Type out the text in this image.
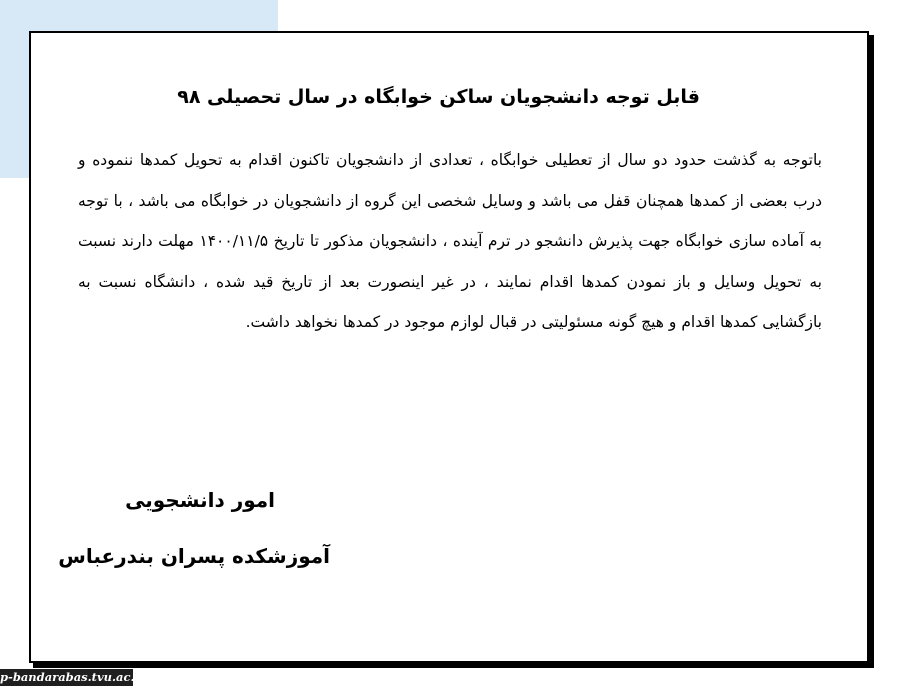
قابل توجه دانشجویان ساکن خوابگاه در سال تحصیلی ۹۸

باتوجه به گذشت حدود دو سال از تعطیلی خوابگاه ، تعدادی از دانشجویان تاکنون اقدام به تحویل کمدها ننموده و درب بعضی از کمدها همچنان قفل می باشد و وسایل شخصی این گروه از دانشجویان در خوابگاه می باشد ، با توجه به آماده سازی خوابگاه جهت پذیرش دانشجو در ترم آینده ، دانشجویان مذکور تا تاریخ ۱۴۰۰/۱۱/۵ مهلت دارند نسبت به تحویل وسایل و باز نمودن کمدها اقدام نمایند ، در غیر اینصورت بعد از تاریخ قید شده ، دانشگاه نسبت به بازگشایی کمدها اقدام و هیچ گونه مسئولیتی در قبال لوازم موجود در کمدها نخواهد داشت.

امور دانشجویی

آموزشکده پسران بندرعباس

p-bandarabas.tvu.ac.ir
